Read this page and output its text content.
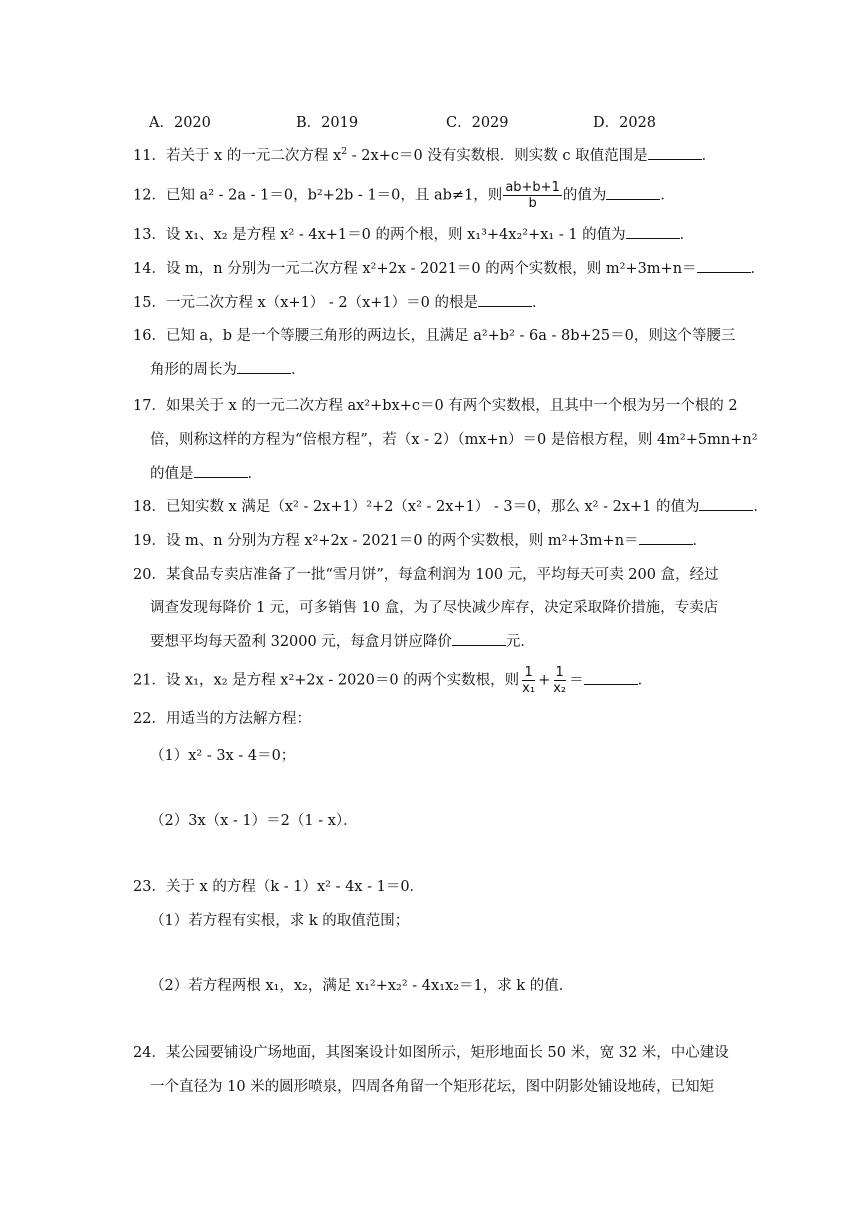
A．2020	B．2019	C．2029	D．2028
11．若关于 x 的一元二次方程 $x^2 - 2x+c=0$ 没有实数根．则实数 c 取值范围是	．
12．已知 a² - 2a - 1＝0，b²+2b - 1＝0，且 ab≠1，则 $\frac{ab+b+1}{b}$ 的值为	．
13．设 x₁、x₂ 是方程 x² - 4x+1＝0 的两个根，则 x₁³+4x₂²+x₁ - 1 的值为	．
14．设 m，n 分别为一元二次方程 x²+2x - 2021＝0 的两个实数根，则 m²+3m+n＝	．
15．一元二次方程 x（x+1） - 2（x+1）＝0 的根是	．
16．已知 a，b 是一个等腰三角形的两边长，且满足 a²+b² - 6a - 8b+25＝0，则这个等腰三
角形的周长为	．
17．如果关于 x 的一元二次方程 ax²+bx+c＝0 有两个实数根，且其中一个根为另一个根的 2
倍，则称这样的方程为“倍根方程”，若（x - 2）（mx+n）＝0 是倍根方程，则 4m²+5mn+n²
的值是	．
18．已知实数 x 满足（x² - 2x+1）²+2（x² - 2x+1） - 3＝0，那么 x² - 2x+1 的值为	．
19．设 m、n 分别为方程 x²+2x - 2021＝0 的两个实数根，则 m²+3m+n＝	．
20．某食品专卖店准备了一批“雪月饼”，每盒利润为 100 元，平均每天可卖 200 盒，经过
调查发现每降价 1 元，可多销售 10 盒，为了尽快减少库存，决定采取降价措施，专卖店
要想平均每天盈利 32000 元，每盒月饼应降价	元．
21．设 x₁，x₂ 是方程 x²+2x - 2020＝0 的两个实数根，则 $\frac{1}{\text{x₁}} + \frac{1}{\text{x₂}}$ ＝	．
22．用适当的方法解方程：
（1）x² - 3x - 4＝0；
（2）3x（x - 1）＝2（1 - x）．
23．关于 x 的方程（k - 1）x² - 4x - 1＝0．
（1）若方程有实根，求 k 的取值范围；
（2）若方程两根 x₁，x₂，满足 x₁²+x₂² - 4x₁x₂＝1，求 k 的值．
24．某公园要铺设广场地面，其图案设计如图所示，矩形地面长 50 米，宽 32 米，中心建设
一个直径为 10 米的圆形喷泉，四周各角留一个矩形花坛，图中阴影处铺设地砖，已知矩
